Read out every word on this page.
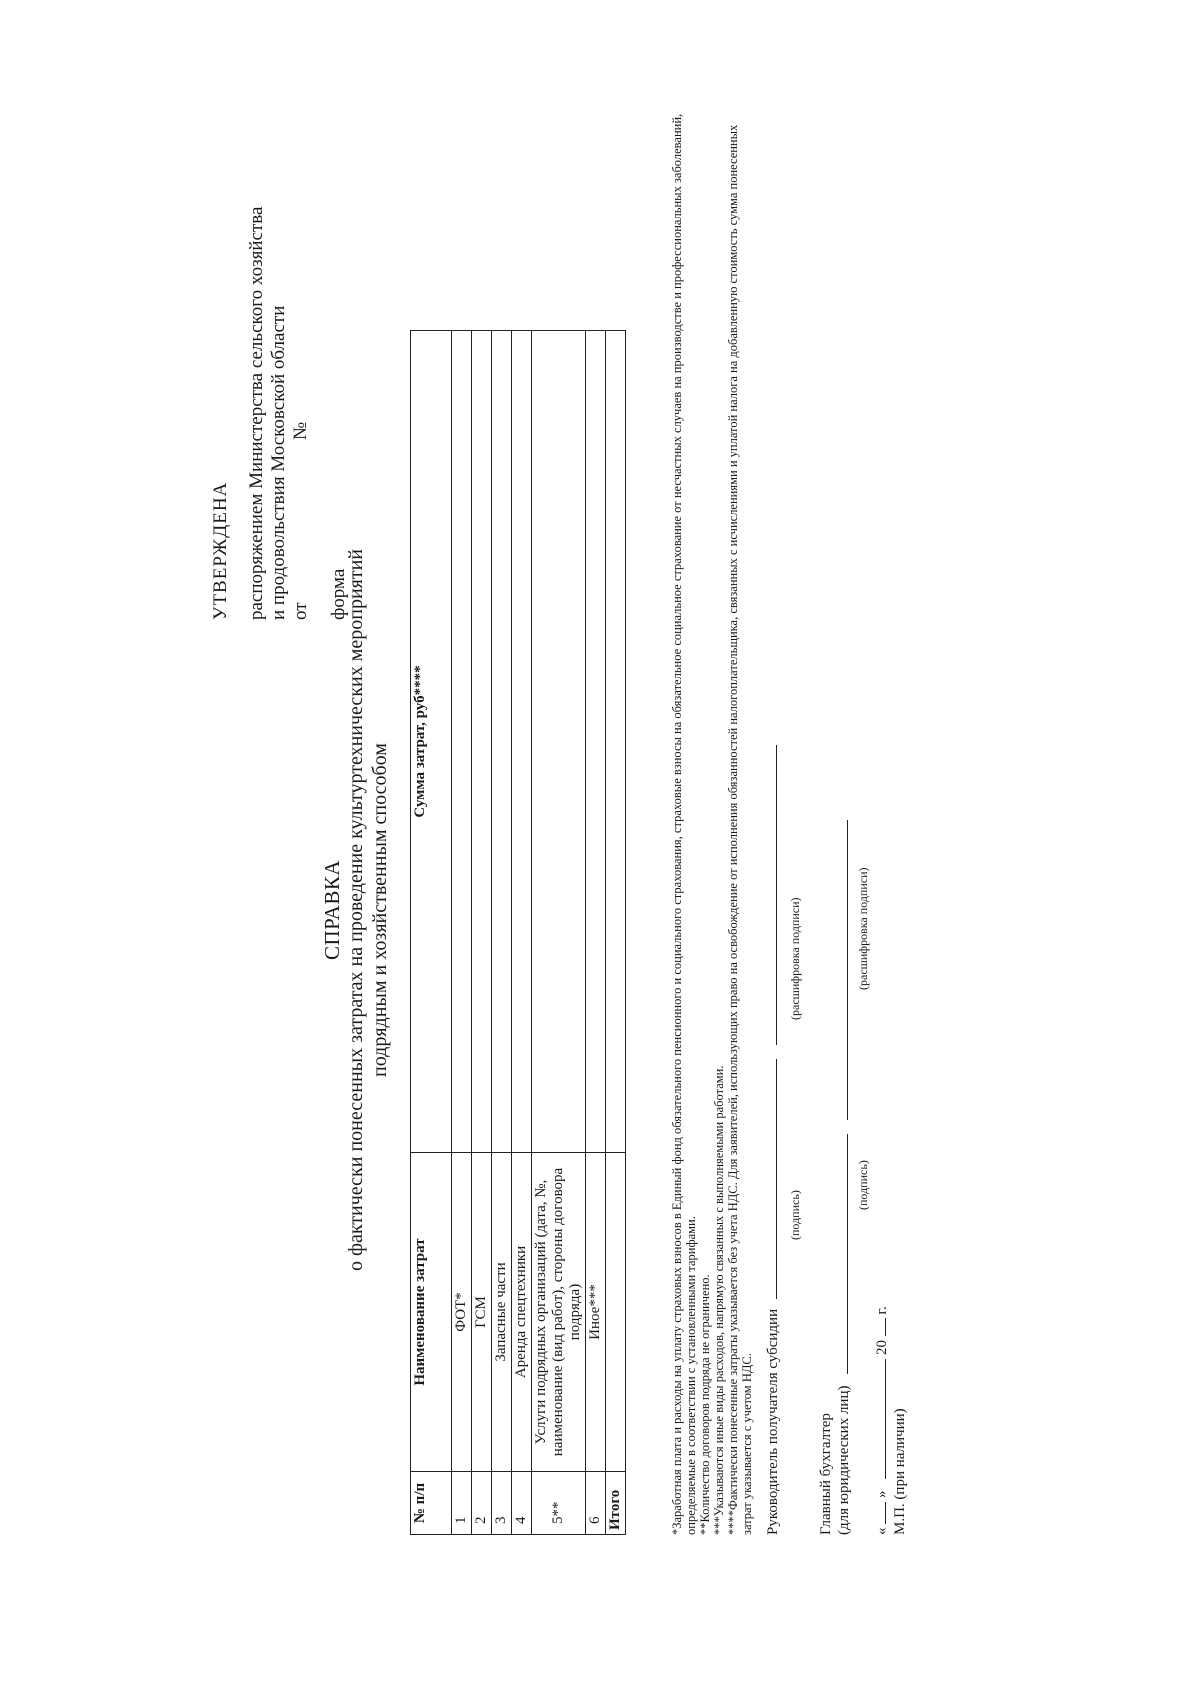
УТВЕРЖДЕНА распоряжением Министерства сельского хозяйства и продовольствия Московской области от
№
форма
СПРАВКА о фактически понесенных затратах на проведение культуртехнических мероприятий подрядным и хозяйственным способом
№ п/п	Наименование затрат	Сумма затрат, руб****
1	ФОТ*	
2	ГСМ	
3	Запасные части	
4	Аренда спецтехники	
5**	Услуги подрядных организаций (дата, №, наименование (вид работ), стороны договора подряда)	
6	Иное***	
Итого			*Заработная плата и расходы на уплату страховых взносов в Единый фонд обязательного пенсионного и социального страхования, страховые взносы на обязательное социальное страхование от несчастных случаев на производстве и профессиональных заболеваний, определяемые в соответствии с установленными тарифами. **Количество договоров подряда не ограничено. ***Указываются иные виды расходов, напрямую связанных с выполняемыми работами. ****Фактически понесенные затраты указывается без учета НДС. Для заявителей, использующих право на освобождение от исполнения обязанностей налогоплательщика, связанных с исчислениями и уплатой налога на добавленную стоимость сумма понесенных затрат указывается с учетом НДС. Руководитель получателя субсидии
(подпись)
(расшифровка подписи)
Главный бухгалтер (для юридических лиц)
(подпись)
(расшифровка подписи)
«  »  20  г.
М.П. (при наличии)
